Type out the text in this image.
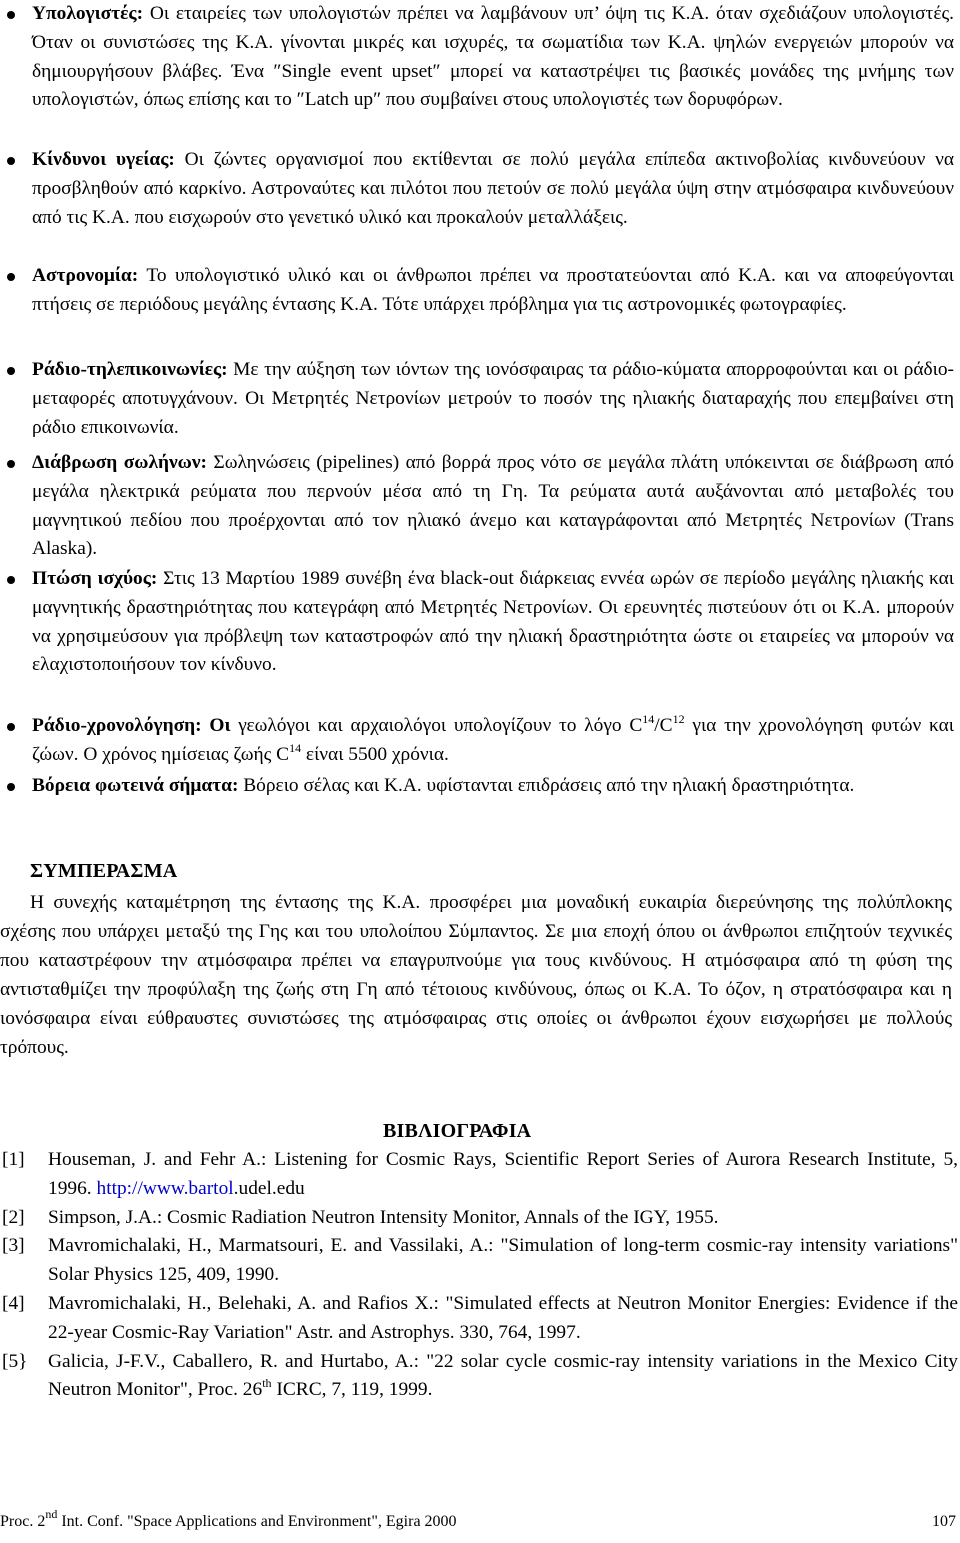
Υπολογιστές: Οι εταιρείες των υπολογιστών πρέπει να λαμβάνουν υπ’ όψη τις Κ.Α. όταν σχεδιάζουν υπολογιστές. Όταν οι συνιστώσες της Κ.Α. γίνονται μικρές και ισχυρές, τα σωματίδια των Κ.Α. ψηλών ενεργειών μπορούν να δημιουργήσουν βλάβες. Ένα ″Single event upset″ μπορεί να καταστρέψει τις βασικές μονάδες της μνήμης των υπολογιστών, όπως επίσης και το ″Latch up″ που συμβαίνει στους υπολογιστές των δορυφόρων.
Κίνδυνοι υγείας: Οι ζώντες οργανισμοί που εκτίθενται σε πολύ μεγάλα επίπεδα ακτινοβολίας κινδυνεύουν να προσβληθούν από καρκίνο. Αστροναύτες και πιλότοι που πετούν σε πολύ μεγάλα ύψη στην ατμόσφαιρα κινδυνεύουν από τις Κ.Α. που εισχωρούν στο γενετικό υλικό και προκαλούν μεταλλάξεις.
Αστρονομία: Το υπολογιστικό υλικό και οι άνθρωποι πρέπει να προστατεύονται από Κ.Α. και να αποφεύγονται πτήσεις σε περιόδους μεγάλης έντασης Κ.Α. Τότε υπάρχει πρόβλημα για τις αστρονομικές φωτογραφίες.
Ράδιο-τηλεπικοινωνίες: Με την αύξηση των ιόντων της ιονόσφαιρας τα ράδιο-κύματα απορροφούνται και οι ράδιο-μεταφορές αποτυγχάνουν. Οι Μετρητές Νετρονίων μετρούν το ποσόν της ηλιακής διαταραχής που επεμβαίνει στη ράδιο επικοινωνία.
Διάβρωση σωλήνων: Σωληνώσεις (pipelines) από βορρά προς νότο σε μεγάλα πλάτη υπόκεινται σε διάβρωση από μεγάλα ηλεκτρικά ρεύματα που περνούν μέσα από τη Γη. Τα ρεύματα αυτά αυξάνονται από μεταβολές του μαγνητικού πεδίου που προέρχονται από τον ηλιακό άνεμο και καταγράφονται από Μετρητές Νετρονίων (Trans Alaska).
Πτώση ισχύος: Στις 13 Μαρτίου 1989 συνέβη ένα black-out διάρκειας εννέα ωρών σε περίοδο μεγάλης ηλιακής και μαγνητικής δραστηριότητας που κατεγράφη από Μετρητές Νετρονίων. Οι ερευνητές πιστεύουν ότι οι Κ.Α. μπορούν να χρησιμεύσουν για πρόβλεψη των καταστροφών από την ηλιακή δραστηριότητα ώστε οι εταιρείες να μπορούν να ελαχιστοποιήσουν τον κίνδυνο.
Ράδιο-χρονολόγηση: Οι γεωλόγοι και αρχαιολόγοι υπολογίζουν το λόγο $C^{14}/C^{12}$ για την χρονολόγηση φυτών και ζώων. Ο χρόνος ημίσειας ζωής $C^{14}$ είναι 5500 χρόνια.
Βόρεια φωτεινά σήματα: Βόρειο σέλας και Κ.Α. υφίστανται επιδράσεις από την ηλιακή δραστηριότητα.
ΣΥΜΠΕΡΑΣΜΑ
Η συνεχής καταμέτρηση της έντασης της Κ.Α. προσφέρει μια μοναδική ευκαιρία διερεύνησης της πολύπλοκης σχέσης που υπάρχει μεταξύ της Γης και του υπολοίπου Σύμπαντος. Σε μια εποχή όπου οι άνθρωποι επιζητούν τεχνικές που καταστρέφουν την ατμόσφαιρα πρέπει να επαγρυπνούμε για τους κινδύνους. Η ατμόσφαιρα από τη φύση της αντισταθμίζει την προφύλαξη της ζωής στη Γη από τέτοιους κινδύνους, όπως οι Κ.Α. Το όζον, η στρατόσφαιρα και η ιονόσφαιρα είναι εύθραυστες συνιστώσες της ατμόσφαιρας στις οποίες οι άνθρωποι έχουν εισχωρήσει με πολλούς τρόπους.
ΒΙΒΛΙΟΓΡΑΦΙΑ
[1] Houseman, J. and Fehr A.: Listening for Cosmic Rays, Scientific Report Series of Aurora Research Institute, 5, 1996. http://www.bartol.udel.edu
[2] Simpson, J.A.: Cosmic Radiation Neutron Intensity Monitor, Annals of the IGY, 1955.
[3] Mavromichalaki, H., Marmatsouri, E. and Vassilaki, A.: "Simulation of long-term cosmic-ray intensity variations" Solar Physics 125, 409, 1990.
[4] Mavromichalaki, H., Belehaki, A. and Rafios X.: "Simulated effects at Neutron Monitor Energies: Evidence if the 22-year Cosmic-Ray Variation" Astr. and Astrophys. 330, 764, 1997.
[5} Galicia, J-F.V., Caballero, R. and Hurtabo, A.: "22 solar cycle cosmic-ray intensity variations in the Mexico City Neutron Monitor", Proc. 26th ICRC, 7, 119, 1999.
Proc. 2nd Int. Conf. "Space Applications and Environment", Egira 2000	107
